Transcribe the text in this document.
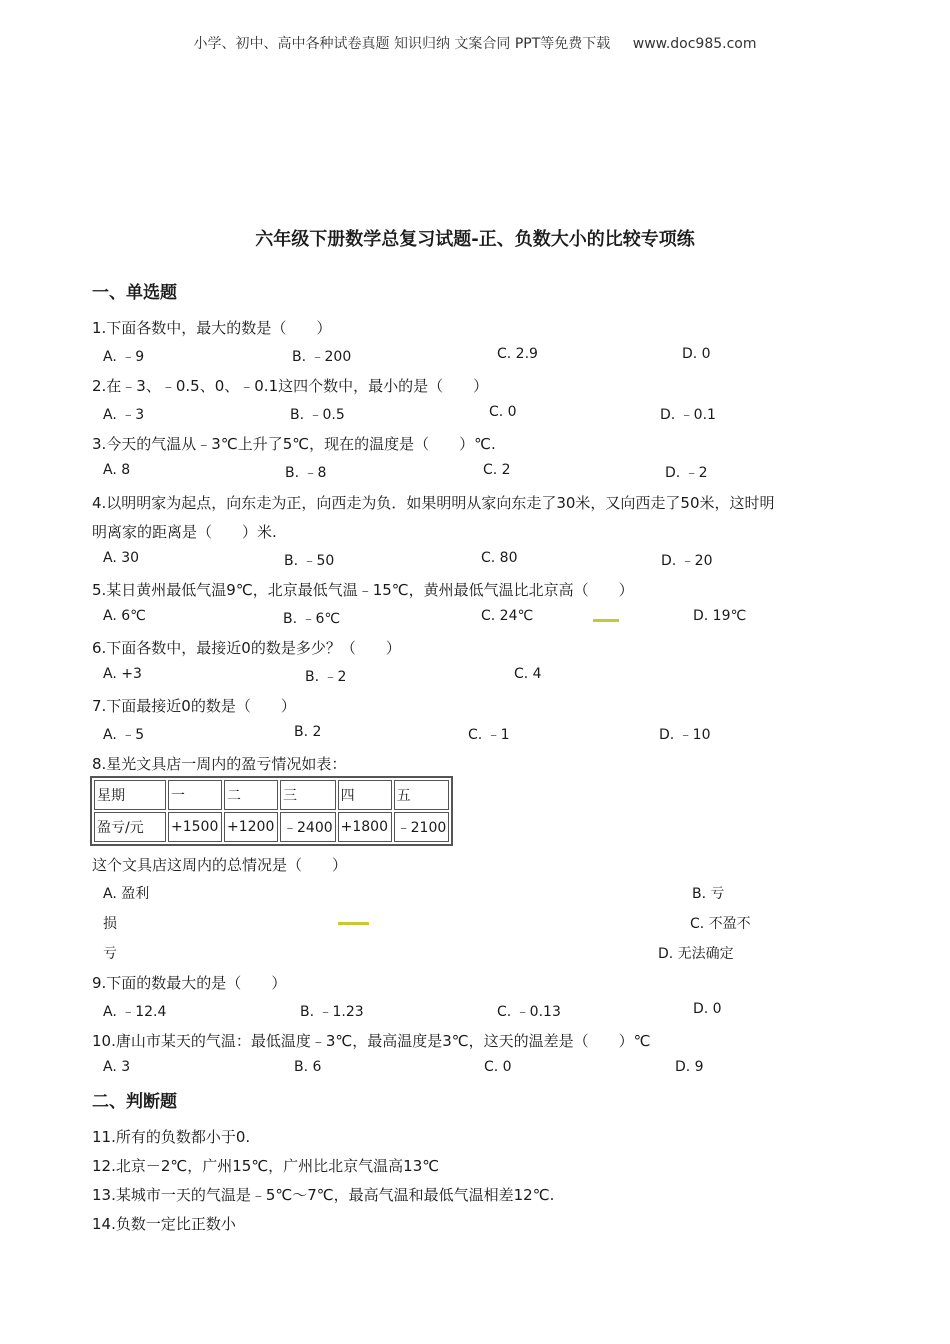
小学、初中、高中各种试卷真题 知识归纳 文案合同 PPT等免费下载 www.doc985.com
六年级下册数学总复习试题-正、负数大小的比较专项练
一、单选题
1.下面各数中，最大的数是（　　）
A. ﹣9	B. ﹣200	C. 2.9	D. 0
2.在﹣3、﹣0.5、0、﹣0.1这四个数中，最小的是（　　）
A. ﹣3	B. ﹣0.5	C. 0	D. ﹣0.1
3.今天的气温从﹣3℃上升了5℃，现在的温度是（　　）℃.
A. 8	B. ﹣8	C. 2	D. ﹣2
4.以明明家为起点，向东走为正，向西走为负．如果明明从家向东走了30米，又向西走了50米，这时明
明离家的距离是（　　）米.
A. 30	B. ﹣50	C. 80	D. ﹣20
5.某日黄州最低气温9℃，北京最低气温﹣15℃，黄州最低气温比北京高（　　）
A. 6℃	B. ﹣6℃	C. 24℃	D. 19℃
6.下面各数中，最接近0的数是多少？（　　）
A. +3	B. ﹣2	C. 4
7.下面最接近0的数是（　　）
A. ﹣5	B. 2	C. ﹣1	D. ﹣10
8.星光文具店一周内的盈亏情况如表：
星期	一	二	三	四	五
盈亏/元	+1500	+1200	﹣2400	+1800	﹣2100
这个文具店这周内的总情况是（　　）
A. 盈利	B. 亏
损	C. 不盈不
亏	D. 无法确定
9.下面的数最大的是（　　）
A. ﹣12.4	B. ﹣1.23	C. ﹣0.13	D. 0
10.唐山市某天的气温：最低温度﹣3℃，最高温度是3℃，这天的温差是（　　）℃
A. 3	B. 6	C. 0	D. 9
二、判断题
11.所有的负数都小于0.
12.北京－2℃，广州15℃，广州比北京气温高13℃
13.某城市一天的气温是﹣5℃～7℃，最高气温和最低气温相差12℃.
14.负数一定比正数小
